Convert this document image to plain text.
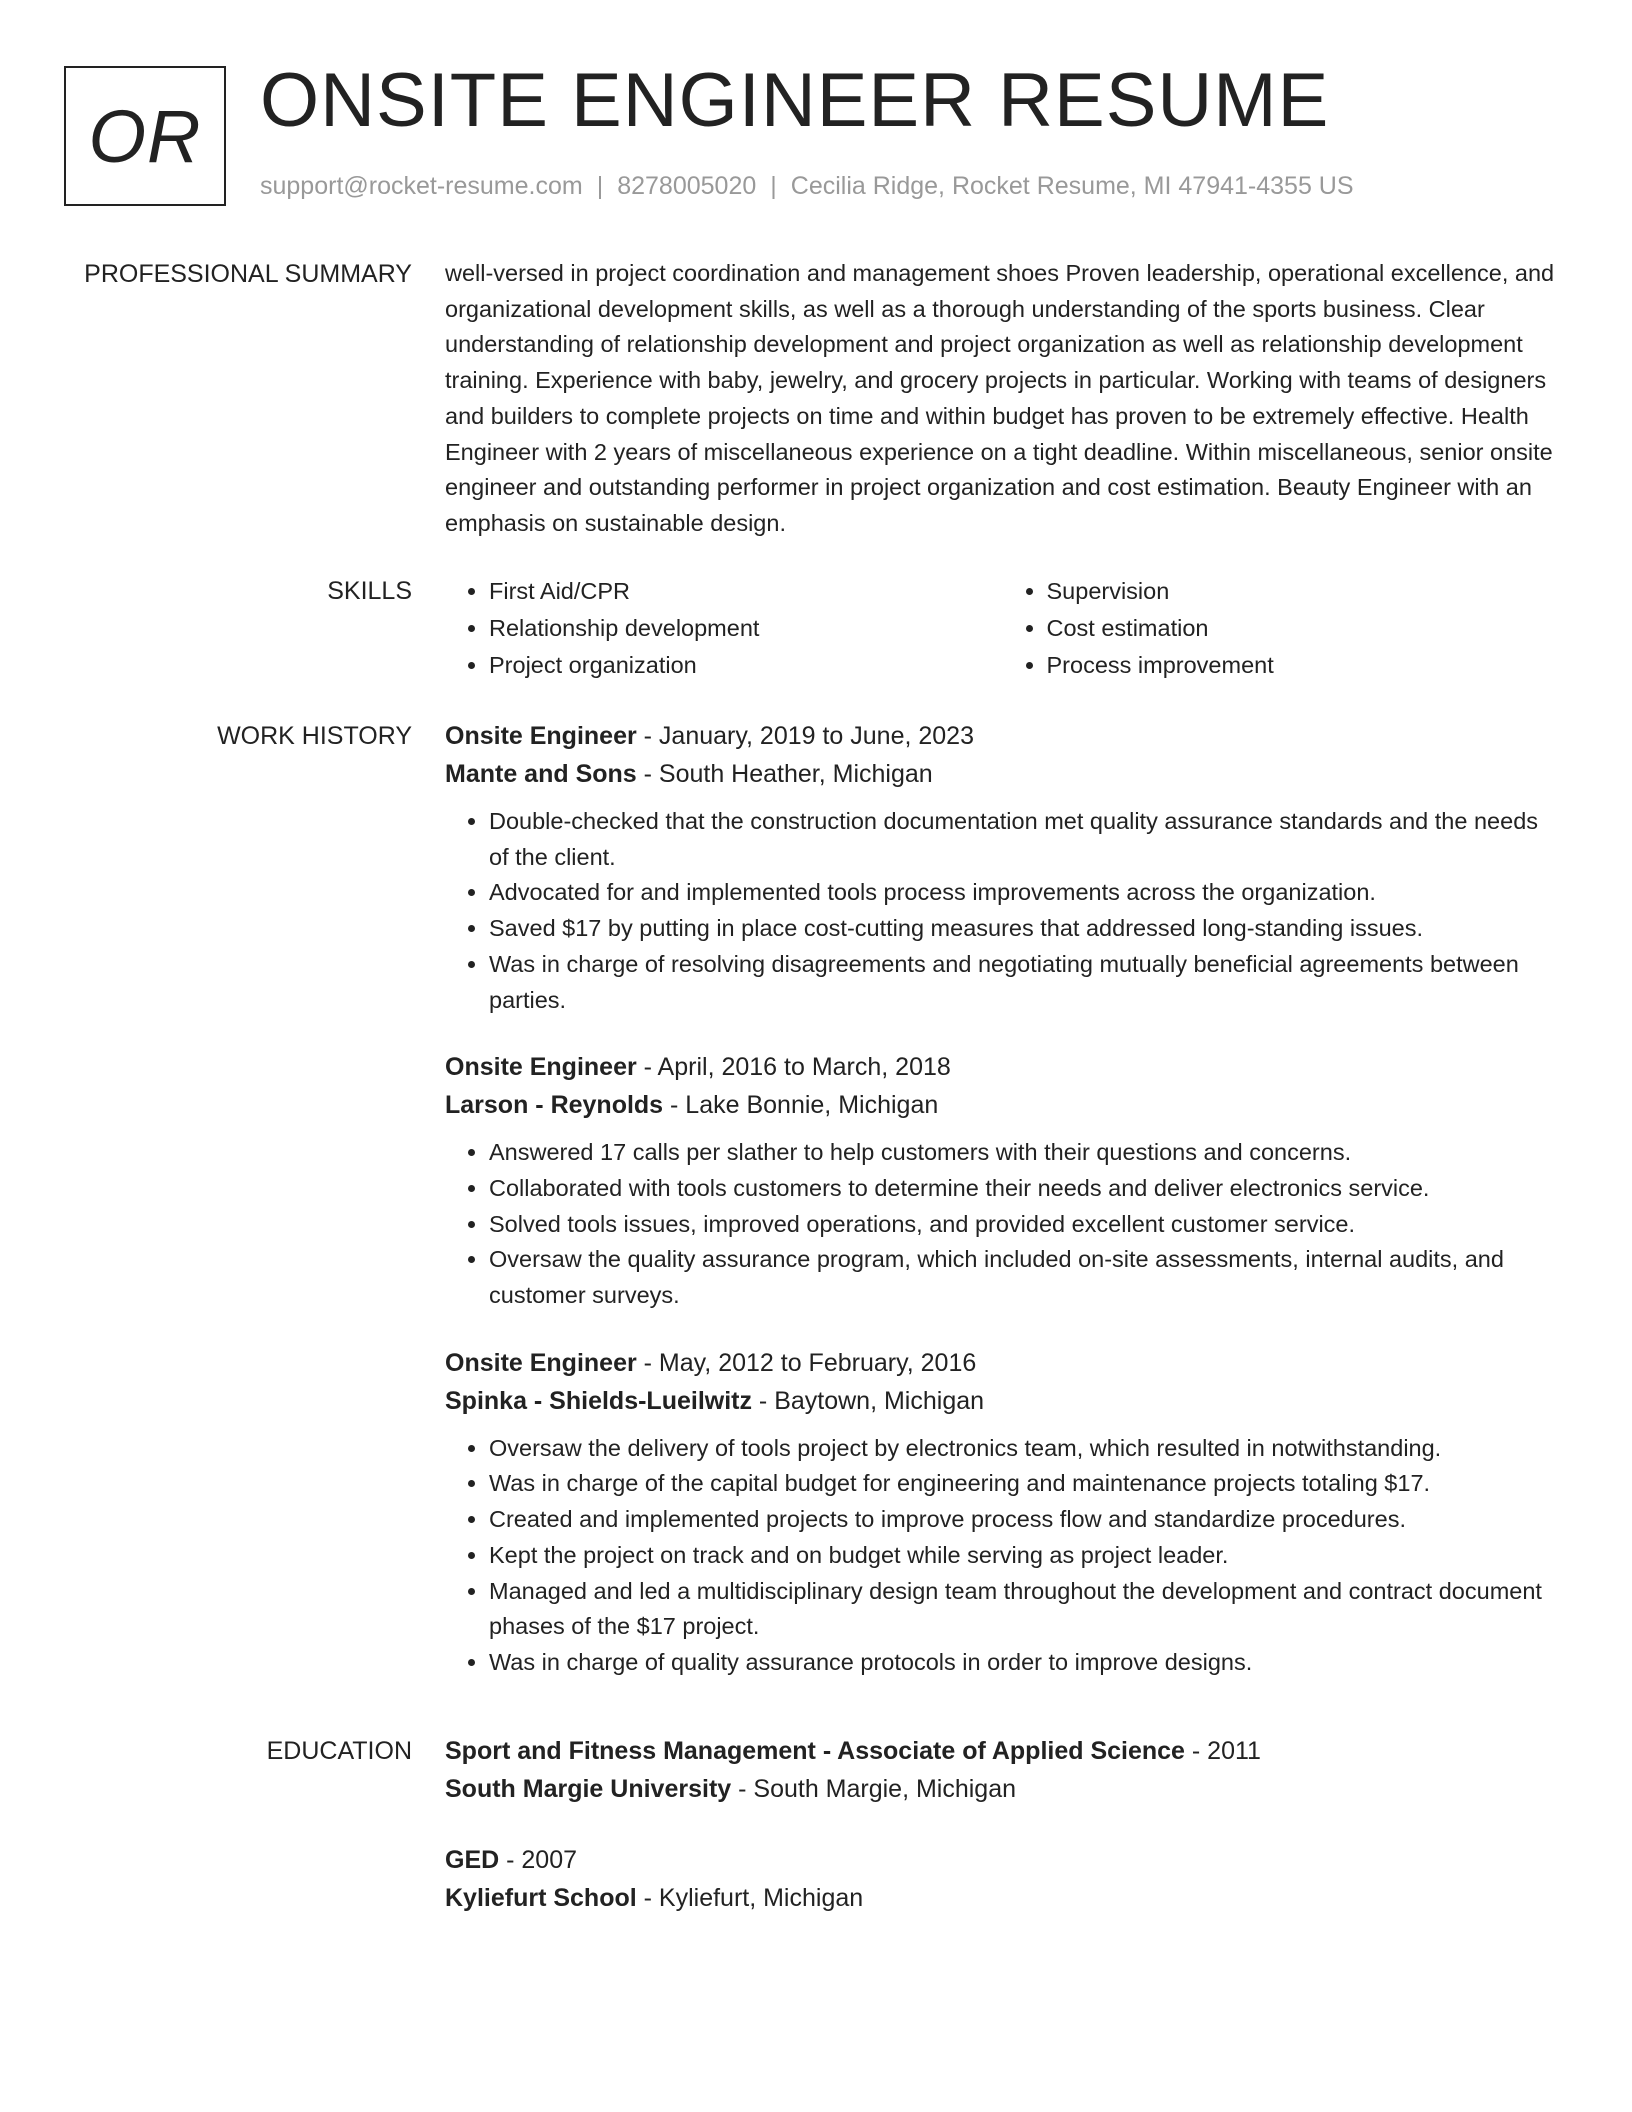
OR ONSITE ENGINEER RESUME
support@rocket-resume.com | 8278005020 | Cecilia Ridge, Rocket Resume, MI 47941-4355 US
PROFESSIONAL SUMMARY well-versed in project coordination and management shoes Proven leadership, operational excellence, and organizational development skills, as well as a thorough understanding of the sports business. Clear understanding of relationship development and project organization as well as relationship development training. Experience with baby, jewelry, and grocery projects in particular. Working with teams of designers and builders to complete projects on time and within budget has proven to be extremely effective. Health Engineer with 2 years of miscellaneous experience on a tight deadline. Within miscellaneous, senior onsite engineer and outstanding performer in project organization and cost estimation. Beauty Engineer with an emphasis on sustainable design.
SKILLS
•	First Aid/CPR
• Relationship development
• Project organization
• Supervision
• Cost estimation
• Process improvement
WORK HISTORY Onsite Engineer - January, 2019 to June, 2023
Mante and Sons - South Heather, Michigan
• Double-checked that the construction documentation met quality assurance standards and the needs of the client.
• Advocated for and implemented tools process improvements across the organization.
• Saved $17 by putting in place cost-cutting measures that addressed long-standing issues.
• Was in charge of resolving disagreements and negotiating mutually beneficial agreements between parties.
Onsite Engineer - April, 2016 to March, 2018
Larson - Reynolds - Lake Bonnie, Michigan
• Answered 17 calls per slather to help customers with their questions and concerns.
• Collaborated with tools customers to determine their needs and deliver electronics service.
• Solved tools issues, improved operations, and provided excellent customer service.
• Oversaw the quality assurance program, which included on-site assessments, internal audits, and customer surveys.
Onsite Engineer - May, 2012 to February, 2016
Spinka - Shields-Lueilwitz - Baytown, Michigan
• Oversaw the delivery of tools project by electronics team, which resulted in notwithstanding.
• Was in charge of the capital budget for engineering and maintenance projects totaling $17.
• Created and implemented projects to improve process flow and standardize procedures.
• Kept the project on track and on budget while serving as project leader.
• Managed and led a multidisciplinary design team throughout the development and contract document phases of the $17 project.
• Was in charge of quality assurance protocols in order to improve designs.
EDUCATION Sport and Fitness Management - Associate of Applied Science - 2011
South Margie University - South Margie, Michigan
GED - 2007
Kyliefurt School - Kyliefurt, Michigan
